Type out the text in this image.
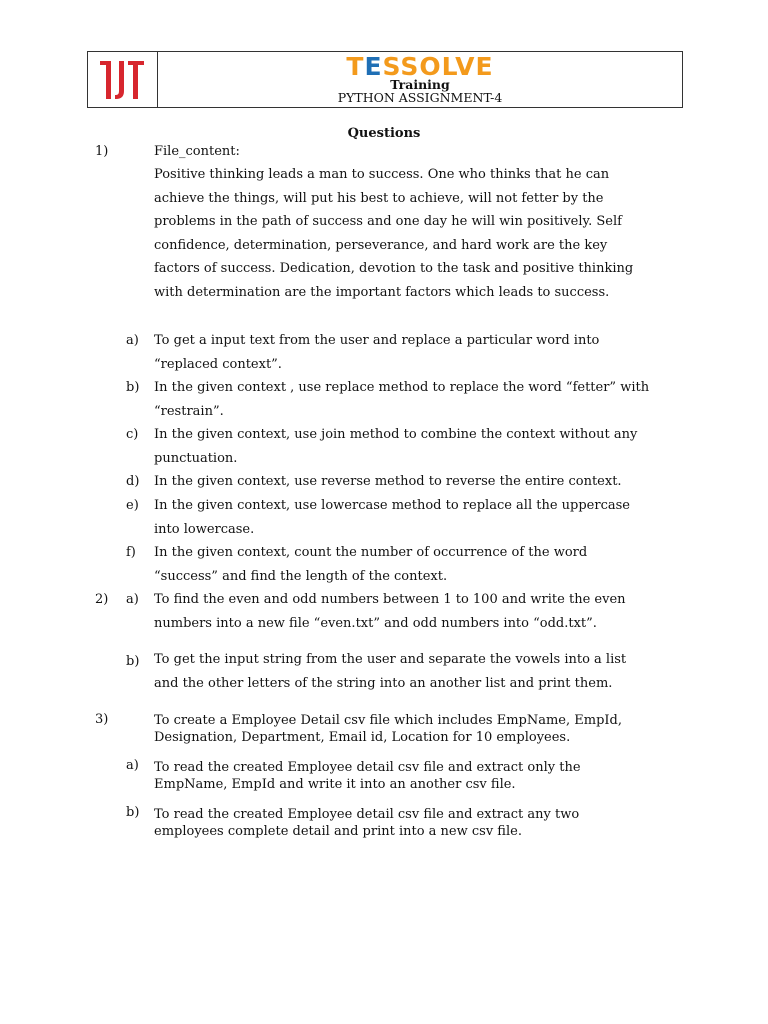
TESSOLVE
Training
PYTHON ASSIGNMENT-4
Questions
1)	File_content:
Positive thinking leads a man to success. One who thinks that he can
achieve the things, will put his best to achieve, will not fetter by the
problems in the path of success and one day he will win positively. Self
confidence, determination, perseverance, and hard work are the key
factors of success. Dedication, devotion to the task and positive thinking
with determination are the important factors which leads to success.
a) To get a input text from the user and replace a particular word into
“replaced context”.
b) In the given context , use replace method to replace the word “fetter” with
“restrain”.
c) In the given context, use join method to combine the context without any
punctuation.
d) In the given context, use reverse method to reverse the entire context.
e) In the given context, use lowercase method to replace all the uppercase
into lowercase.
f) In the given context, count the number of occurrence of the word
“success” and find the length of the context.
2) a) To find the even and odd numbers between 1 to 100 and write the even
numbers into a new file “even.txt” and odd numbers into “odd.txt”.
b) To get the input string from the user and separate the vowels into a list
and the other letters of the string into an another list and print them.
3)	To create a Employee Detail csv file which includes EmpName, EmpId,
Designation, Department, Email id, Location for 10 employees.
a) To read the created Employee detail csv file and extract only the
EmpName, EmpId and write it into an another csv file.
b) To read the created Employee detail csv file and extract any two
employees complete detail and print into a new csv file.
